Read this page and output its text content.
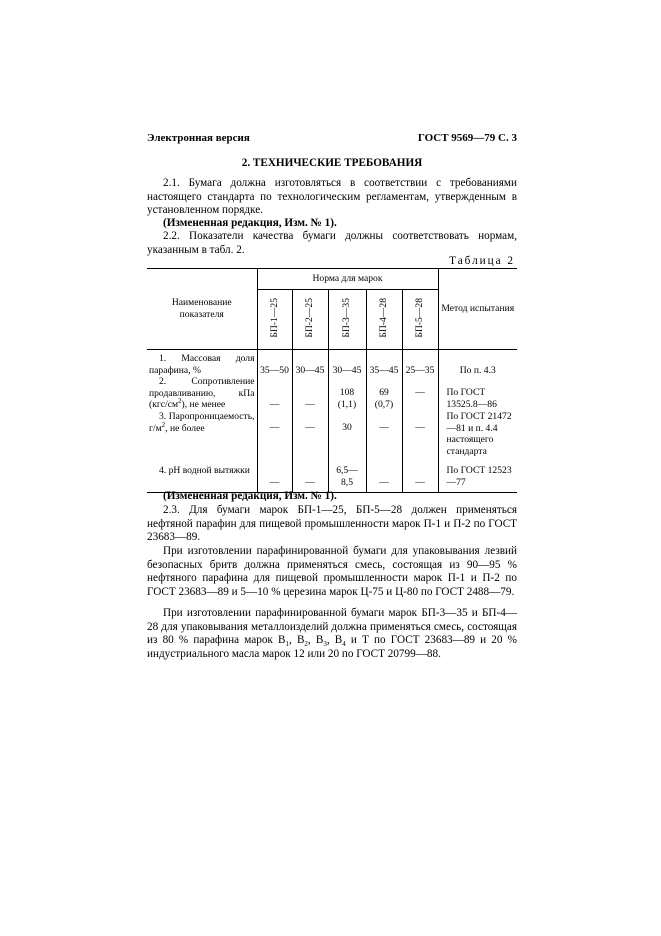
Электронная версия	ГОСТ 9569—79 С. 3
2. ТЕХНИЧЕСКИЕ ТРЕБОВАНИЯ
2.1. Бумага должна изготовляться в соответствии с требованиями настоящего стандарта по технологическим регламентам, утвержденным в установленном порядке.
(Измененная редакция, Изм. № 1).
2.2. Показатели качества бумаги должны соответствовать нормам, указанным в табл. 2.
Таблица 2
Наименование показателя	Норма для марок					Метод испытания
	БП-1—25	БП-2—25	БП-3—35	БП-4—28	БП-5—28	
1. Массовая доля парафина, %	35—50	30—45	30—45	35—45	25—35	По п. 4.3
2. Сопротивление продавливанию, кПа $(кгс/см^2)$, не менее	—	—	108 (1,1)	69 (0,7)	—	По ГОСТ 13525.8—86
3. Паропроницаемость, $г/м^2$, не более	—	—	30	—	—	По ГОСТ 21472—81 и п. 4.4 настоящего стандарта
4. pH водной вытяжки	—	—	6,5—8,5	—	—	По ГОСТ 12523—77
(Измененная редакция, Изм. № 1).
2.3. Для бумаги марок БП-1—25, БП-5—28 должен применяться нефтяной парафин для пищевой промышленности марок П-1 и П-2 по ГОСТ 23683—89.
При изготовлении парафинированной бумаги для упаковывания лезвий безопасных бритв должна применяться смесь, состоящая из 90—95 % нефтяного парафина для пищевой промышленности марок П-1 и П-2 по ГОСТ 23683—89 и 5—10 % церезина марок Ц-75 и Ц-80 по ГОСТ 2488—79.
При изготовлении парафинированной бумаги марок БП-3—35 и БП-4—28 для упаковывания металлоизделий должна применяться смесь, состоящая из 80 % парафина марок $В_1$, $В_2$, $В_3$, $В_4$ и Т по ГОСТ 23683—89 и 20 % индустриального масла марок 12 или 20 по ГОСТ 20799—88.
